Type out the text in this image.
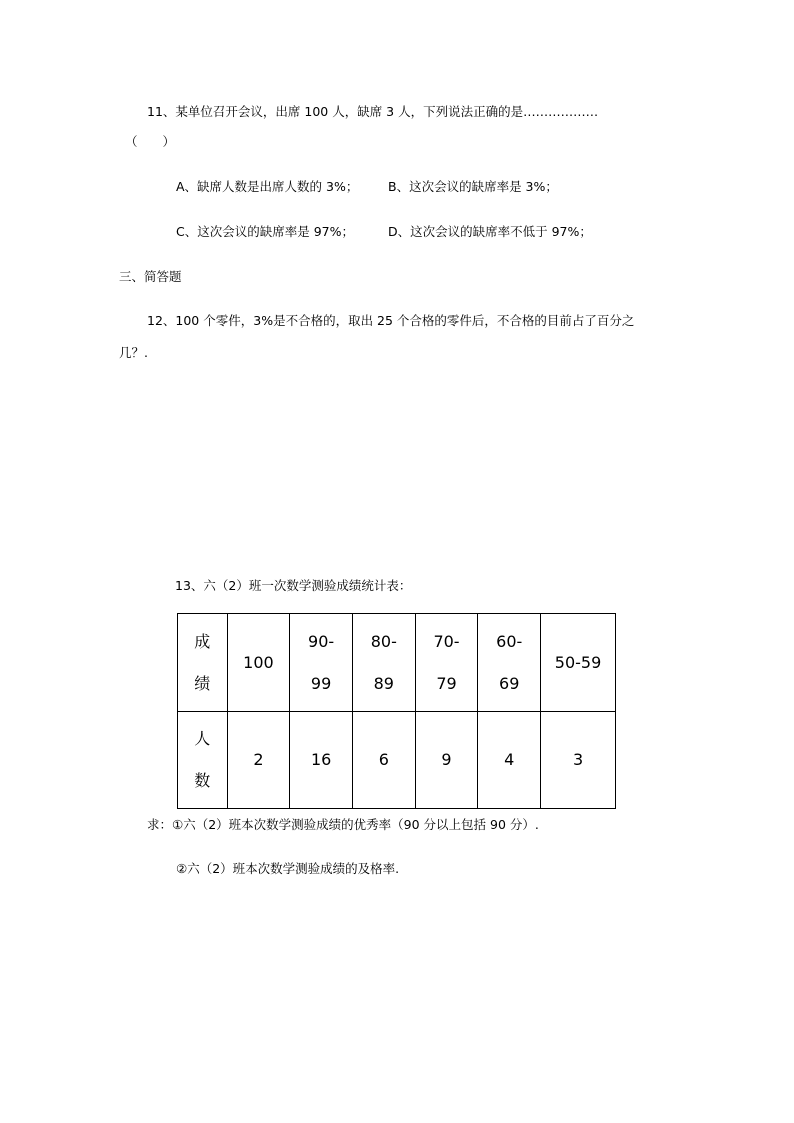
11、某单位召开会议，出席 100 人，缺席 3 人，下列说法正确的是………………
（　　）
A、缺席人数是出席人数的 3%； B、这次会议的缺席率是 3%；
C、这次会议的缺席率是 97%；	D、这次会议的缺席率不低于 97%；
三、简答题
12、100 个零件，3%是不合格的，取出 25 个合格的零件后，不合格的目前占了百分之
几？.
13、六（2）班一次数学测验成绩统计表：
成绩	100	90-99	80-89	70-79	60-69	50-59
人数	2	16	6	9	4	3
求：①六（2）班本次数学测验成绩的优秀率（90 分以上包括 90 分）.
②六（2）班本次数学测验成绩的及格率.
